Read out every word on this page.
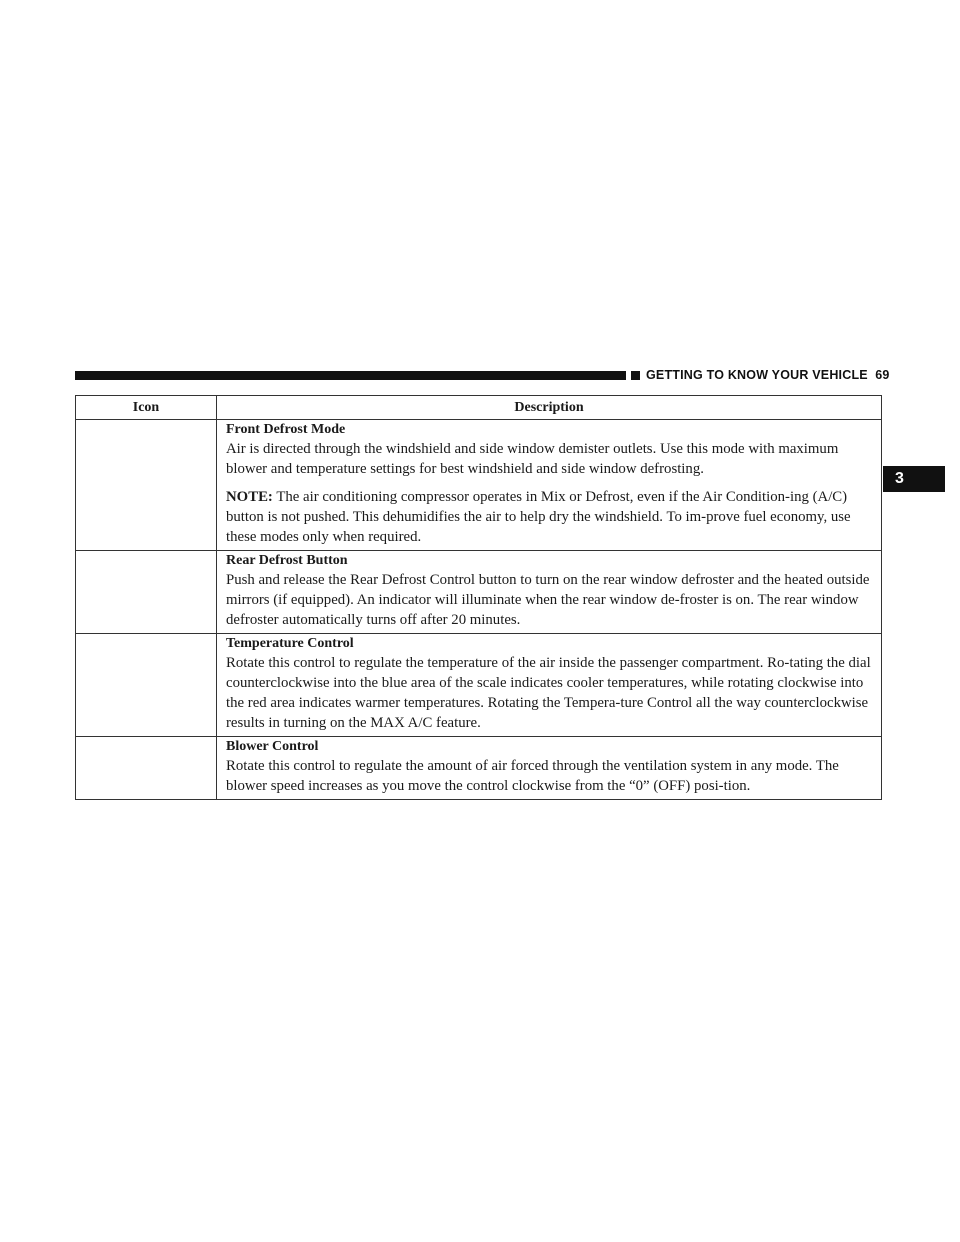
GETTING TO KNOW YOUR VEHICLE 69
3
Icon	Description

	Front Defrost Mode

Air is directed through the windshield and side window demister outlets. Use this mode with maximum blower and temperature settings for best windshield and side window defrosting.

NOTE: The air conditioning compressor operates in Mix or Defrost, even if the Air Condition-ing (A/C) button is not pushed. This dehumidifies the air to help dry the windshield. To im-prove fuel economy, use these modes only when required.

	Rear Defrost Button

Push and release the Rear Defrost Control button to turn on the rear window defroster and the heated outside mirrors (if equipped). An indicator will illuminate when the rear window de-froster is on. The rear window defroster automatically turns off after 20 minutes.

	Temperature Control

Rotate this control to regulate the temperature of the air inside the passenger compartment. Ro-tating the dial counterclockwise into the blue area of the scale indicates cooler temperatures, while rotating clockwise into the red area indicates warmer temperatures. Rotating the Tempera-ture Control all the way counterclockwise results in turning on the MAX A/C feature.

	Blower Control

Rotate this control to regulate the amount of air forced through the ventilation system in any mode. The blower speed increases as you move the control clockwise from the “0” (OFF) posi-tion.
